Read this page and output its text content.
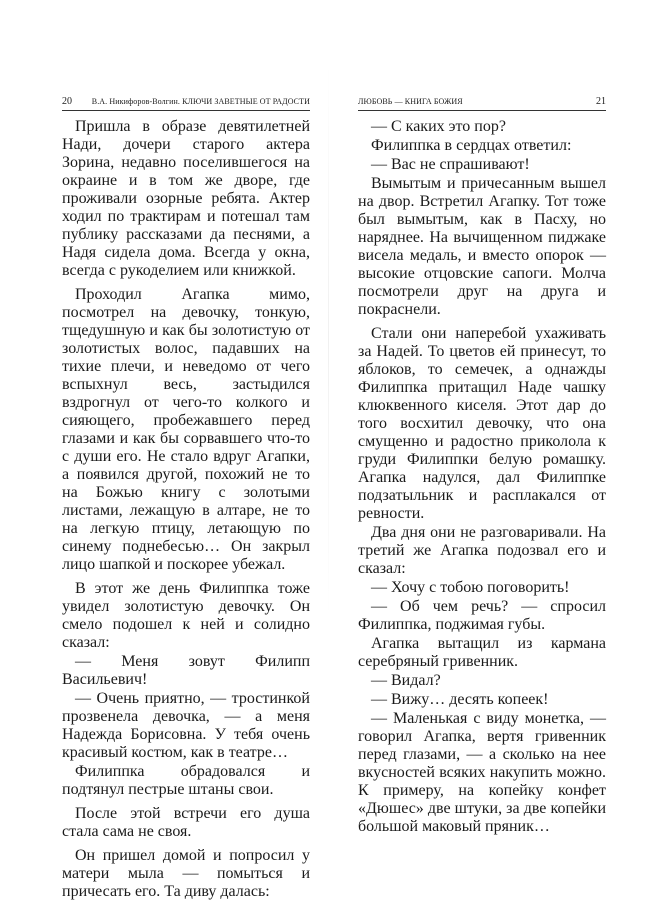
20 В.А. Никифоров-Волгин. КЛЮЧИ ЗАВЕТНЫЕ ОТ РАДОСТИ

Пришла в образе девятилетней Нади, дочери старого актера Зорина, недавно поселившегося на окраине и в том же дворе, где проживали озорные ребята. Актер ходил по трактирам и потешал там публику рассказами да песнями, а Надя сидела дома. Всегда у окна, всегда с рукоделием или книжкой.

Проходил Агапка мимо, посмотрел на девочку, тонкую, тщедушную и как бы золотистую от золотистых волос, падавших на тихие плечи, и неведомо от чего вспыхнул весь, застыдился вздрогнул от чего-то колкого и сияющего, пробежавшего перед глазами и как бы сорвавшего что-то с души его. Не стало вдруг Агапки, а появился другой, похожий не то на Божью книгу с золотыми листами, лежащую в алтаре, не то на легкую птицу, летающую по синему поднебесью… Он закрыл лицо шапкой и поскорее убежал.

В этот же день Филиппка тоже увидел золотистую девочку. Он смело подошел к ней и солидно сказал:

— Меня зовут Филипп Васильевич!

— Очень приятно, — тростинкой прозвенела девочка, — а меня Надежда Борисовна. У тебя очень красивый костюм, как в театре…

Филиппка обрадовался и подтянул пестрые штаны свои.

После этой встречи его душа стала сама не своя.

Он пришел домой и попросил у матери мыла — помыться и причесать его. Та диву далась:

ЛЮБОВЬ — КНИГА БОЖИЯ	21

— С каких это пор?

Филиппка в сердцах ответил:

— Вас не спрашивают!

Вымытым и причесанным вышел на двор. Встретил Агапку. Тот тоже был вымытым, как в Пасху, но наряднее. На вычищенном пиджаке висела медаль, и вместо опорок — высокие отцовские сапоги. Молча посмотрели друг на друга и покраснели.

Стали они наперебой ухаживать за Надей. То цветов ей принесут, то яблоков, то семечек, а однажды Филиппка притащил Наде чашку клюквенного киселя. Этот дар до того восхитил девочку, что она смущенно и радостно приколола к груди Филиппки белую ромашку. Агапка надулся, дал Филиппке подзатыльник и расплакался от ревности.

Два дня они не разговаривали. На третий же Агапка подозвал его и сказал:

— Хочу с тобою поговорить!

— Об чем речь? — спросил Филиппка, поджимая губы.

Агапка вытащил из кармана серебряный гривенник.

— Видал?

— Вижу… десять копеек!

— Маленькая с виду монетка, — говорил Агапка, вертя гривенник перед глазами, — а сколько на нее вкусностей всяких накупить можно. К примеру, на копейку конфет «Дюшес» две штуки, за две копейки большой маковый пряник…
